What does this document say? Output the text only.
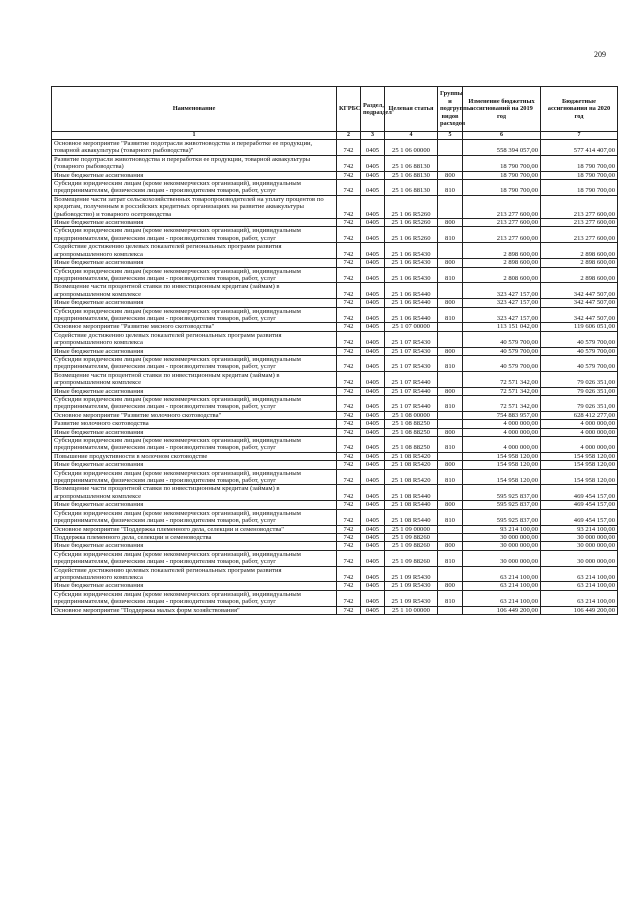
209
Наименование	КГРБС	Раздел, подраздел	Целевая статья	Группы и подгруппы видов расходов	Изменение бюджетных ассигнований на 2019 год	Бюджетные ассигнования на 2020 год
1	2	3	4	5	6	7
Основное мероприятие "Развитие подотрасли животноводства и переработке ее продукции, товарной аквакультуры (товарного рыбоводства)"	742	0405	25 1 06 00000		558 394 057,00	577 414 407,00
Развитие подотрасли животноводства и переработки ее продукции, товарной аквакультуры (товарного рыбоводства)	742	0405	25 1 06 88130		18 790 700,00	18 790 700,00
Иные бюджетные ассигнования	742	0405	25 1 06 88130	800	18 790 700,00	18 790 700,00
Субсидии юридическим лицам (кроме некоммерческих организаций), индивидуальным предпринимателям, физическим лицам - производителям товаров, работ, услуг	742	0405	25 1 06 88130	810	18 790 700,00	18 790 700,00
Возмещение части затрат сельскохозяйственных товаропроизводителей на уплату процентов по кредитам, полученным в российских кредитных организациях на развитие аквакультуры (рыбоводство) и товарного осетроводства	742	0405	25 1 06 R5260		213 277 600,00	213 277 600,00
Иные бюджетные ассигнования	742	0405	25 1 06 R5260	800	213 277 600,00	213 277 600,00
Субсидии юридическим лицам (кроме некоммерческих организаций), индивидуальным предпринимателям, физическим лицам - производителям товаров, работ, услуг	742	0405	25 1 06 R5260	810	213 277 600,00	213 277 600,00
Содействие достижению целевых показателей региональных программ развития агропромышленного комплекса	742	0405	25 1 06 R5430		2 898 600,00	2 898 600,00
Иные бюджетные ассигнования	742	0405	25 1 06 R5430	800	2 898 600,00	2 898 600,00
Субсидии юридическим лицам (кроме некоммерческих организаций), индивидуальным предпринимателям, физическим лицам - производителям товаров, работ, услуг	742	0405	25 1 06 R5430	810	2 808 600,00	2 898 600,00
Возмещение части процентной ставки по инвестиционным кредитам (займам) в агропромышленном комплексе	742	0405	25 1 06 R5440		323 427 157,00	342 447 507,00
Иные бюджетные ассигнования	742	0405	25 1 06 R5440	800	323 427 157,00	342 447 507,00
Субсидии юридическим лицам (кроме некоммерческих организаций), индивидуальным предпринимателям, физическим лицам - производителям товаров, работ, услуг	742	0405	25 1 06 R5440	810	323 427 157,00	342 447 507,00
Основное мероприятие "Развитие мясного скотоводства"	742	0405	25 1 07 00000		113 151 042,00	119 606 051,00
Содействие достижению целевых показателей региональных программ развития агропромышленного комплекса	742	0405	25 1 07 R5430		40 579 700,00	40 579 700,00
Иные бюджетные ассигнования	742	0405	25 1 07 R5430	800	40 579 700,00	40 579 700,00
Субсидии юридическим лицам (кроме некоммерческих организаций), индивидуальным предпринимателям, физическим лицам - производителям товаров, работ, услуг	742	0405	25 1 07 R5430	810	40 579 700,00	40 579 700,00
Возмещение части процентной ставки по инвестиционным кредитам (займам) в агропромышленном комплексе	742	0405	25 1 07 R5440		72 571 342,00	79 026 351,00
Иные бюджетные ассигнования	742	0405	25 1 07 R5440	800	72 571 342,00	79 026 351,00
Субсидии юридическим лицам (кроме некоммерческих организаций), индивидуальным предпринимателям, физическим лицам - производителям товаров, работ, услуг	742	0405	25 1 07 R5440	810	72 571 342,00	79 026 351,00
Основное мероприятие "Развитие молочного скотоводства"	742	0405	25 1 08 00000		754 883 957,00	628 412 277,00
Развитие молочного скотоводства	742	0405	25 1 08 88250		4 000 000,00	4 000 000,00
Иные бюджетные ассигнования	742	0405	25 1 08 88250	800	4 000 000,00	4 000 000,00
Субсидии юридическим лицам (кроме некоммерческих организаций), индивидуальным предпринимателям, физическим лицам - производителям товаров, работ, услуг	742	0405	25 1 08 88250	810	4 000 000,00	4 000 000,00
Повышение продуктивности в молочном скотоводстве	742	0405	25 1 08 R5420		154 958 120,00	154 958 120,00
Иные бюджетные ассигнования	742	0405	25 1 08 R5420	800	154 958 120,00	154 958 120,00
Субсидии юридическим лицам (кроме некоммерческих организаций), индивидуальным предпринимателям, физическим лицам - производителям товаров, работ, услуг	742	0405	25 1 08 R5420	810	154 958 120,00	154 958 120,00
Возмещение части процентной ставки по инвестиционным кредитам (займам) в агропромышленном комплексе	742	0405	25 1 08 R5440		595 925 837,00	469 454 157,00
Иные бюджетные ассигнования	742	0405	25 1 08 R5440	800	595 925 837,00	469 454 157,00
Субсидии юридическим лицам (кроме некоммерческих организаций), индивидуальным предпринимателям, физическим лицам - производителям товаров, работ, услуг	742	0405	25 1 08 R5440	810	595 925 837,00	469 454 157,00
Основное мероприятие "Поддержка племенного дела, селекции и семеноводства"	742	0405	25 1 09 00000		93 214 100,00	93 214 100,00
Поддержка племенного дела, селекции и семеноводства	742	0405	25 1 09 88260		30 000 000,00	30 000 000,00
Иные бюджетные ассигнования	742	0405	25 1 09 88260	800	30 000 000,00	30 000 000,00
Субсидии юридическим лицам (кроме некоммерческих организаций), индивидуальным предпринимателям, физическим лицам - производителям товаров, работ, услуг	742	0405	25 1 09 88260	810	30 000 000,00	30 000 000,00
Содействие достижению целевых показателей региональных программ развития агропромышленного комплекса	742	0405	25 1 09 R5430		63 214 100,00	63 214 100,00
Иные бюджетные ассигнования	742	0405	25 1 09 R5430	800	63 214 100,00	63 214 100,00
Субсидии юридическим лицам (кроме некоммерческих организаций), индивидуальным предпринимателям, физическим лицам - производителям товаров, работ, услуг	742	0405	25 1 09 R5430	810	63 214 100,00	63 214 100,00
Основное мероприятие "Поддержка малых форм хозяйствования"	742	0405	25 1 10 00000		106 449 200,00	106 449 200,00
